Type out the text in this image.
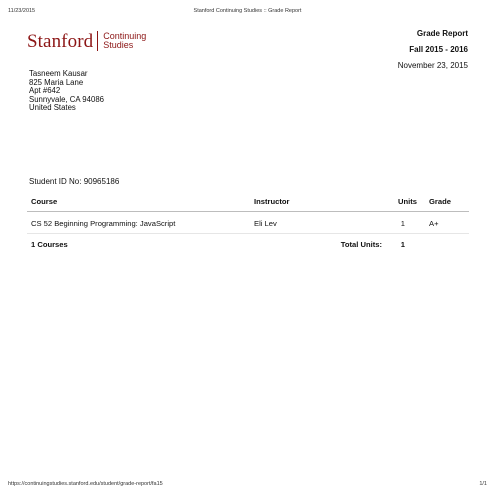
11/23/2015	Stanford Continuing Studies :: Grade Report
Stanford Continuing
Studies
Grade Report
Fall 2015 - 2016
November 23, 2015
Tasneem Kausar
825 Maria Lane
Apt #642
Sunnyvale, CA 94086
United States
Student ID No: 90965186
Course	Instructor	Units Grade
CS 52 Beginning Programming: JavaScript	Eli Lev	1	A+
1 Courses	Total Units:	1
https://continuingstudies.stanford.edu/student/grade-report/fa15	1/1
